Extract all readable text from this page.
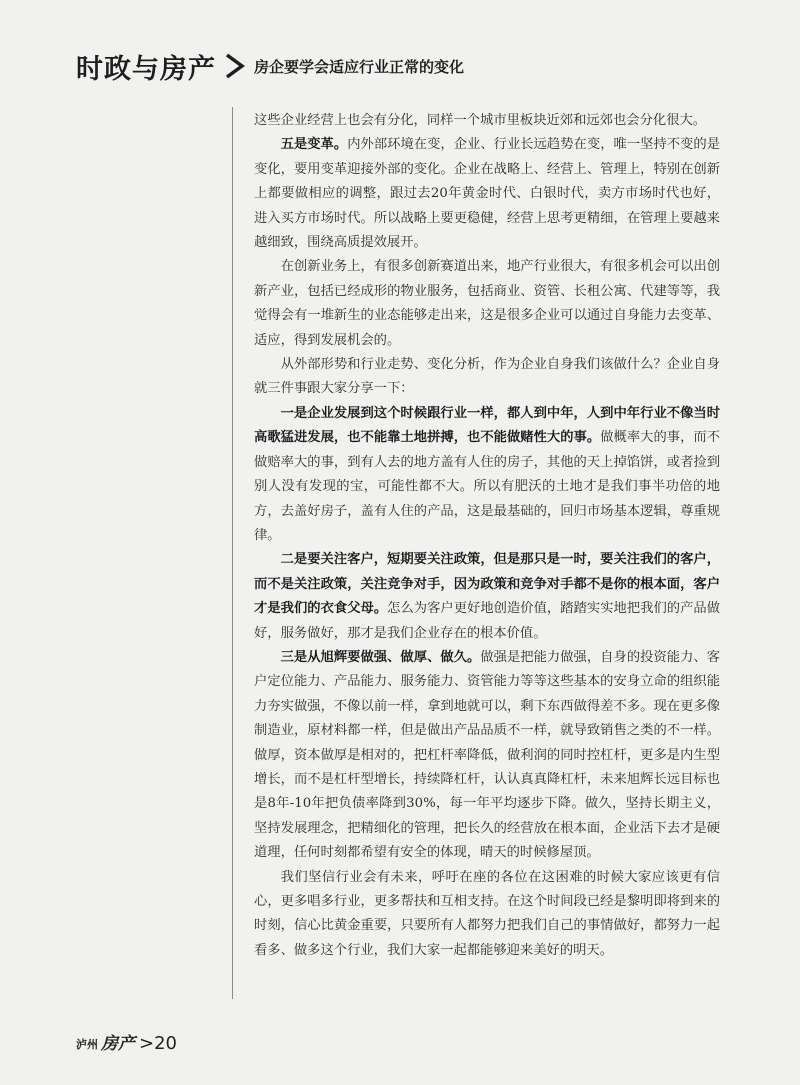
时政与房产	房企要学会适应行业正常的变化

这些企业经营上也会有分化，同样一个城市里板块近郊和远郊也会分化很大。

五是变革。内外部环境在变，企业、行业长远趋势在变，唯一坚持不变的是变化，要用变革迎接外部的变化。企业在战略上、经营上、管理上，特别在创新上都要做相应的调整，跟过去20年黄金时代、白银时代，卖方市场时代也好，进入买方市场时代。所以战略上要更稳健，经营上思考更精细，在管理上要越来越细致，围绕高质提效展开。

在创新业务上，有很多创新赛道出来，地产行业很大，有很多机会可以出创新产业，包括已经成形的物业服务，包括商业、资管、长租公寓、代建等等，我觉得会有一堆新生的业态能够走出来，这是很多企业可以通过自身能力去变革、适应，得到发展机会的。

从外部形势和行业走势、变化分析，作为企业自身我们该做什么？企业自身就三件事跟大家分享一下：

一是企业发展到这个时候跟行业一样，都人到中年，人到中年行业不像当时高歌猛进发展，也不能靠土地拼搏，也不能做赌性大的事。做概率大的事，而不做赔率大的事，到有人去的地方盖有人住的房子，其他的天上掉馅饼，或者捡到别人没有发现的宝，可能性都不大。所以有肥沃的土地才是我们事半功倍的地方，去盖好房子，盖有人住的产品，这是最基础的，回归市场基本逻辑，尊重规律。

二是要关注客户，短期要关注政策，但是那只是一时，要关注我们的客户，而不是关注政策，关注竞争对手，因为政策和竞争对手都不是你的根本面，客户才是我们的衣食父母。怎么为客户更好地创造价值，踏踏实实地把我们的产品做好，服务做好，那才是我们企业存在的根本价值。

三是从旭辉要做强、做厚、做久。做强是把能力做强，自身的投资能力、客户定位能力、产品能力、服务能力、资管能力等等这些基本的安身立命的组织能力夯实做强，不像以前一样，拿到地就可以，剩下东西做得差不多。现在更多像制造业，原材料都一样，但是做出产品品质不一样，就导致销售之类的不一样。做厚，资本做厚是相对的，把杠杆率降低，做利润的同时控杠杆，更多是内生型增长，而不是杠杆型增长，持续降杠杆，认认真真降杠杆，未来旭辉长远目标也是8年-10年把负债率降到30%，每一年平均逐步下降。做久，坚持长期主义，坚持发展理念，把精细化的管理，把长久的经营放在根本面，企业活下去才是硬道理，任何时刻都希望有安全的体现，晴天的时候修屋顶。

我们坚信行业会有未来，呼吁在座的各位在这困难的时候大家应该更有信心，更多唱多行业，更多帮扶和互相支持。在这个时间段已经是黎明即将到来的时刻，信心比黄金重要，只要所有人都努力把我们自己的事情做好，都努力一起看多、做多这个行业，我们大家一起都能够迎来美好的明天。

泸州 房产 >20
